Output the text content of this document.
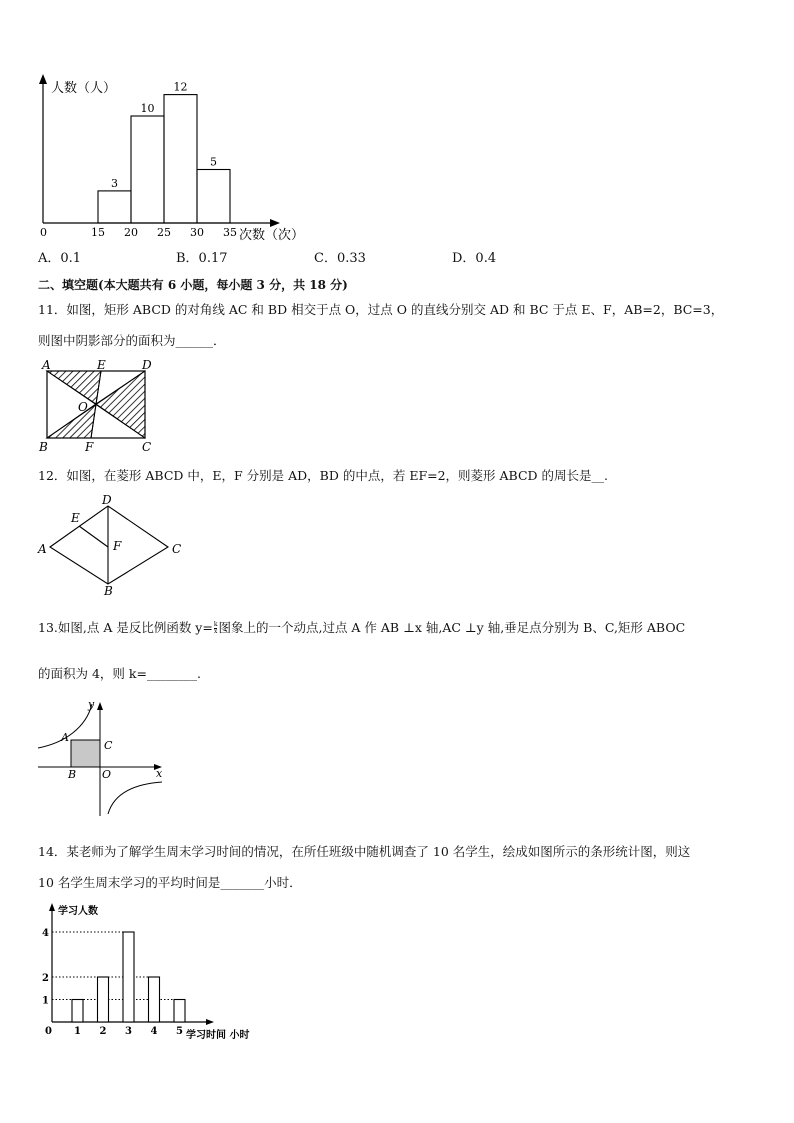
人数（人）
次数（次）
0
3
10
12
5
15 20 25 30 35
A．0.1	B．0.17	C．0.33	D．0.4
二、填空题(本大题共有 6 小题，每小题 3 分，共 18 分)
11．如图，矩形 ABCD 的对角线 AC 和 BD 相交于点 O，过点 O 的直线分别交 AD 和 BC 于点 E、F，AB=2，BC=3，
则图中阴影部分的面积为______．
A	E	D
O
B	F	C
12．如图，在菱形 ABCD 中，E，F 分别是 AD，BD 的中点，若 EF=2，则菱形 ABCD 的周长是__.
D
E
A	F	C
B
13.如图,点 A 是反比例函数 $y= \frac{k}{x}$ 图象上的一个动点,过点 A 作 AB ⊥x 轴,AC ⊥y 轴,垂足点分别为 B、C,矩形 ABOC
的面积为 4，则 k=________.
y
A
C
B O	x
14．某老师为了解学生周末学习时间的情况，在所任班级中随机调查了 10 名学生，绘成如图所示的条形统计图，则这
10 名学生周末学习的平均时间是_______小时．
学习人数
学习时间 小时
0 1 2 3 4 5
1
2
4
